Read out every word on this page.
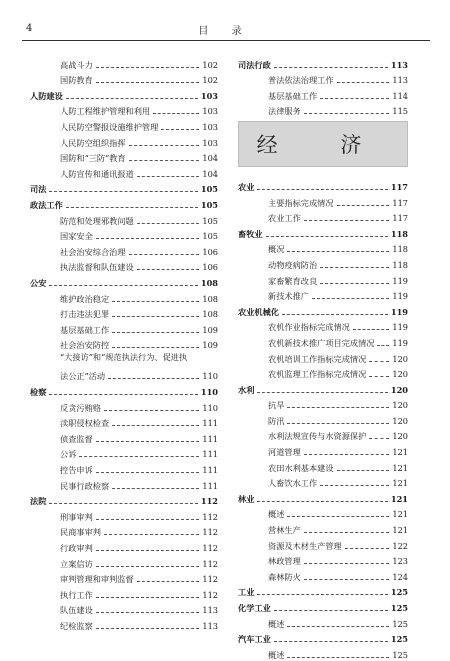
4	目 录
高战斗力	102
国防教育	102
人防建设	103
人防工程维护管理和利用	103
人民防空警报设施维护管理	103
人民防空组织指挥	103
国防和“三防”教育	104
人防宣传和通讯报道	104
司法	105
政法工作	105
防范和处理邪教问题	105
国家安全	105
社会治安综合治理	106
执法监督和队伍建设	106
公安	108
维护政治稳定	108
打击违法犯罪	108
基层基础工作	109
社会治安防控	109
“大接访”和“规范执法行为、促进执
法公正”活动	110
检察	110
反贪污贿赂	110
渎职侵权检查	111
侦查监督	111
公诉	111
控告申诉	111
民事行政检察	111
法院	112
刑事审判	112
民商事审判	112
行政审判	112
立案信访	112
审判管理和审判监督	112
执行工作	112
队伍建设	113
纪检监察	113
司法行政	113
普法依法治理工作	113
基层基础工作	114
法律服务	115
经 济
农业	117
主要指标完成情况	117
农业工作	117
畜牧业	118
概况	118
动物疫病防治	118
家畜繁育改良	119
新技术推广	119
农业机械化	119
农机作业指标完成情况	119
农机新技术推广项目完成情况 119
农机培训工作指标完成情况	120
农机监理工作指标完成情况	120
水利	120
抗旱	120
防汛	120
水利法规宣传与水资源保护	120
河道管理	121
农田水利基本建设	121
人畜饮水工作	121
林业	121
概述	121
营林生产	121
资源及木材生产管理	122
林政管理	123
森林防火	124
工业	125
化学工业	125
概述	125
汽车工业	125
概述	125
